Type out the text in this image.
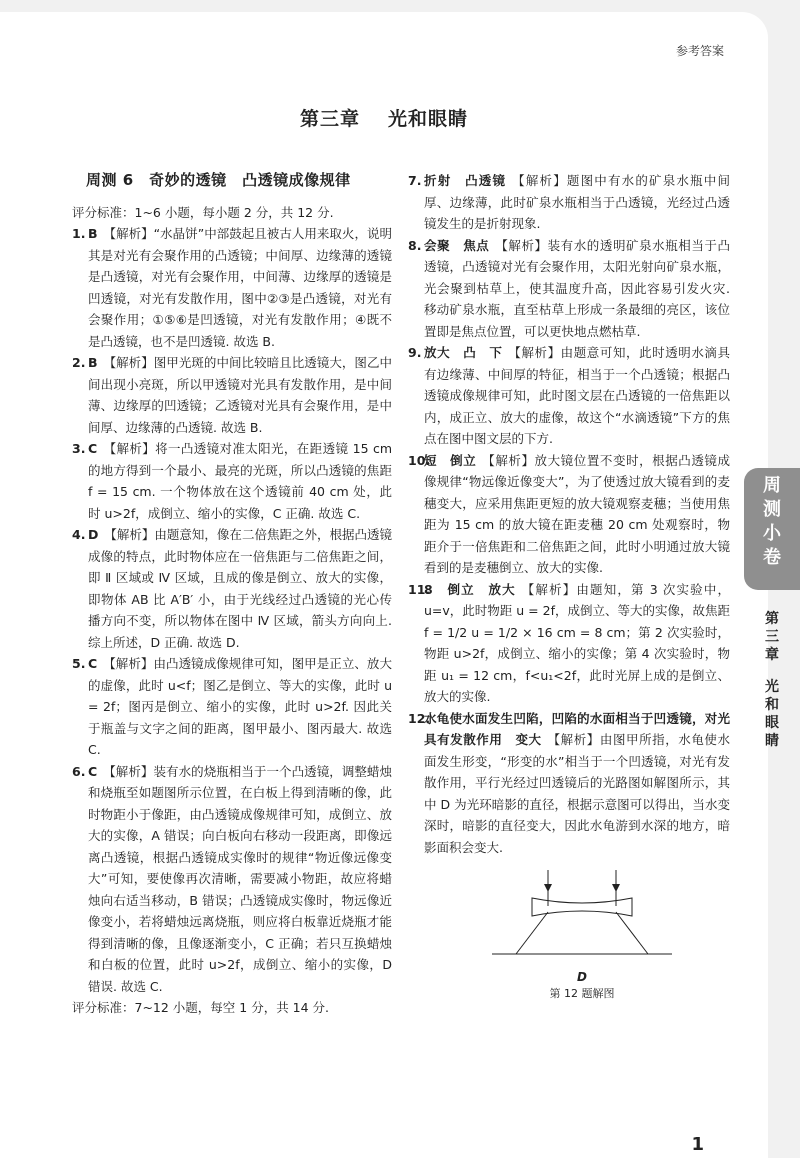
参考答案
第三章 光和眼睛
周测 6　奇妙的透镜　凸透镜成像规律

评分标准：1~6 小题，每小题 2 分，共 12 分.

1. B 【解析】“水晶饼”中部鼓起且被古人用来取火，说明其是对光有会聚作用的凸透镜；中间厚、边缘薄的透镜是凸透镜，对光有会聚作用，中间薄、边缘厚的透镜是凹透镜，对光有发散作用，图中②③是凸透镜，对光有会聚作用；①⑤⑥是凹透镜，对光有发散作用；④既不是凸透镜，也不是凹透镜. 故选 B.
2. B 【解析】图甲光斑的中间比较暗且比透镜大，图乙中间出现小亮斑，所以甲透镜对光具有发散作用，是中间薄、边缘厚的凹透镜；乙透镜对光具有会聚作用，是中间厚、边缘薄的凸透镜. 故选 B.
3. C 【解析】将一凸透镜对准太阳光，在距透镜 15 cm 的地方得到一个最小、最亮的光斑，所以凸透镜的焦距 f = 15 cm. 一个物体放在这个透镜前 40 cm 处，此时 u>2f，成倒立、缩小的实像，C 正确. 故选 C.
4. D 【解析】由题意知，像在二倍焦距之外，根据凸透镜成像的特点，此时物体应在一倍焦距与二倍焦距之间，即 Ⅱ 区域或 Ⅳ 区域，且成的像是倒立、放大的实像，即物体 AB 比 A′B′ 小，由于光线经过凸透镜的光心传播方向不变，所以物体在图中 Ⅳ 区域，箭头方向向上. 综上所述，D 正确. 故选 D.
5. C 【解析】由凸透镜成像规律可知，图甲是正立、放大的虚像，此时 u<f；图乙是倒立、等大的实像，此时 u = 2f；图丙是倒立、缩小的实像，此时 u>2f. 因此关于瓶盖与文字之间的距离，图甲最小、图丙最大. 故选 C.
6. C 【解析】装有水的烧瓶相当于一个凸透镜，调整蜡烛和烧瓶至如题图所示位置，在白板上得到清晰的像，此时物距小于像距，由凸透镜成像规律可知，成倒立、放大的实像，A 错误；向白板向右移动一段距离，即像远离凸透镜，根据凸透镜成实像时的规律“物近像远像变大”可知，要使像再次清晰，需要减小物距，故应将蜡烛向右适当移动，B 错误；凸透镜成实像时，物远像近像变小，若将蜡烛远离烧瓶，则应将白板靠近烧瓶才能得到清晰的像，且像逐渐变小，C 正确；若只互换蜡烛和白板的位置，此时 u>2f，成倒立、缩小的实像，D 错误. 故选 C.

评分标准：7~12 小题，每空 1 分，共 14 分.

7. 折射　凸透镜 【解析】题图中有水的矿泉水瓶中间厚、边缘薄，此时矿泉水瓶相当于凸透镜，光经过凸透镜发生的是折射现象.
8. 会聚　焦点 【解析】装有水的透明矿泉水瓶相当于凸透镜，凸透镜对光有会聚作用，太阳光射向矿泉水瓶，光会聚到枯草上，使其温度升高，因此容易引发火灾. 移动矿泉水瓶，直至枯草上形成一条最细的亮区，该位置即是焦点位置，可以更快地点燃枯草.
9. 放大　凸　下 【解析】由题意可知，此时透明水滴具有边缘薄、中间厚的特征，相当于一个凸透镜；根据凸透镜成像规律可知，此时图文层在凸透镜的一倍焦距以内，成正立、放大的虚像，故这个“水滴透镜”下方的焦点在图中图文层的下方.
10.
短　倒立 【解析】放大镜位置不变时，根据凸透镜成像规律“物远像近像变大”，为了使透过放大镜看到的麦穗变大，应采用焦距更短的放大镜观察麦穗；当使用焦距为 15 cm 的放大镜在距麦穗 20 cm 处观察时，物距介于一倍焦距和二倍焦距之间，此时小明通过放大镜看到的是麦穗倒立、放大的实像.
11.
8　倒立　放大 【解析】由题知，第 3 次实验中，u=v，此时物距 u = 2f，成倒立、等大的实像，故焦距 f = 1/2 u = 1/2 × 16 cm = 8 cm；第 2 次实验时，物距 u>2f，成倒立、缩小的实像；第 4 次实验时，物距 u₁ = 12 cm，f<u₁<2f，此时光屏上成的是倒立、放大的实像.
12.
水龟使水面发生凹陷，凹陷的水面相当于凹透镜，对光具有发散作用　变大 【解析】由图甲所指，水龟使水面发生形变，“形变的水”相当于一个凹透镜，对光有发散作用，平行光经过凹透镜后的光路图如解图所示，其中 D 为光环暗影的直径，根据示意图可以得出，当水变深时，暗影的直径变大，因此水龟游到水深的地方，暗影面积会变大.
D
第 12 题解图
1
周测小卷
第三章
光和眼睛
